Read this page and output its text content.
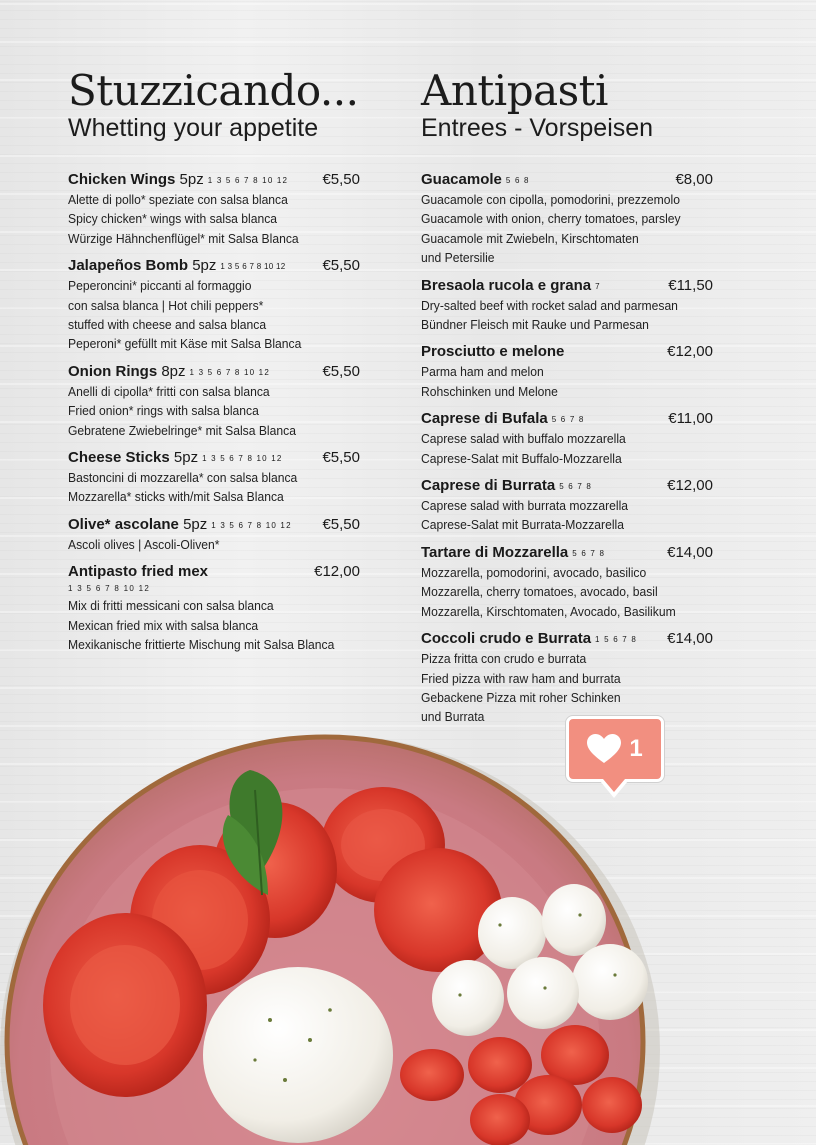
Stuzzicando...
Whetting your appetite
Chicken Wings 5pz 1 3 5 6 7 8 10 12 €5,50
Alette di pollo* speziate con salsa blanca
Spicy chicken* wings with salsa blanca
Würzige Hähnchenflügel* mit Salsa Blanca
Jalapeños Bomb 5pz 1 3 5 6 7 8 10 12 €5,50
Peperoncini* piccanti al formaggio
con salsa blanca | Hot chili peppers*
stuffed with cheese and salsa blanca
Peperoni* gefüllt mit Käse mit Salsa Blanca
Onion Rings 8pz 1 3 5 6 7 8 10 12	€5,50
Anelli di cipolla* fritti con salsa blanca
Fried onion* rings with salsa blanca
Gebratene Zwiebelringe* mit Salsa Blanca
Cheese Sticks 5pz 1 3 5 6 7 8 10 12	€5,50
Bastoncini di mozzarella* con salsa blanca
Mozzarella* sticks with/mit Salsa Blanca
Olive* ascolane 5pz 1 3 5 6 7 8 10 12 €5,50
Ascoli olives | Ascoli-Oliven*
Antipasto fried mex	€12,00
1 3 5 6 7 8 10 12
Mix di fritti messicani con salsa blanca
Mexican fried mix with salsa blanca
Mexikanische frittierte Mischung mit Salsa Blanca
Antipasti
Entrees - Vorspeisen
Guacamole 5 6 8	€8,00
Guacamole con cipolla, pomodorini, prezzemolo
Guacamole with onion, cherry tomatoes, parsley
Guacamole mit Zwiebeln, Kirschtomaten
und Petersilie
Bresaola rucola e grana 7	€11,50
Dry-salted beef with rocket salad and parmesan
Bündner Fleisch mit Rauke und Parmesan
Prosciutto e melone	€12,00
Parma ham and melon
Rohschinken und Melone
Caprese di Bufala 5 6 7 8	€11,00
Caprese salad with buffalo mozzarella
Caprese-Salat mit Buffalo-Mozzarella
Caprese di Burrata 5 6 7 8	€12,00
Caprese salad with burrata mozzarella
Caprese-Salat mit Burrata-Mozzarella
Tartare di Mozzarella 5 6 7 8	€14,00
Mozzarella, pomodorini, avocado, basilico
Mozzarella, cherry tomatoes, avocado, basil
Mozzarella, Kirschtomaten, Avocado, Basilikum
Coccoli crudo e Burrata 1 5 6 7 8 €14,00
Pizza fritta con crudo e burrata
Fried pizza with raw ham and burrata
Gebackene Pizza mit roher Schinken
und Burrata
1
